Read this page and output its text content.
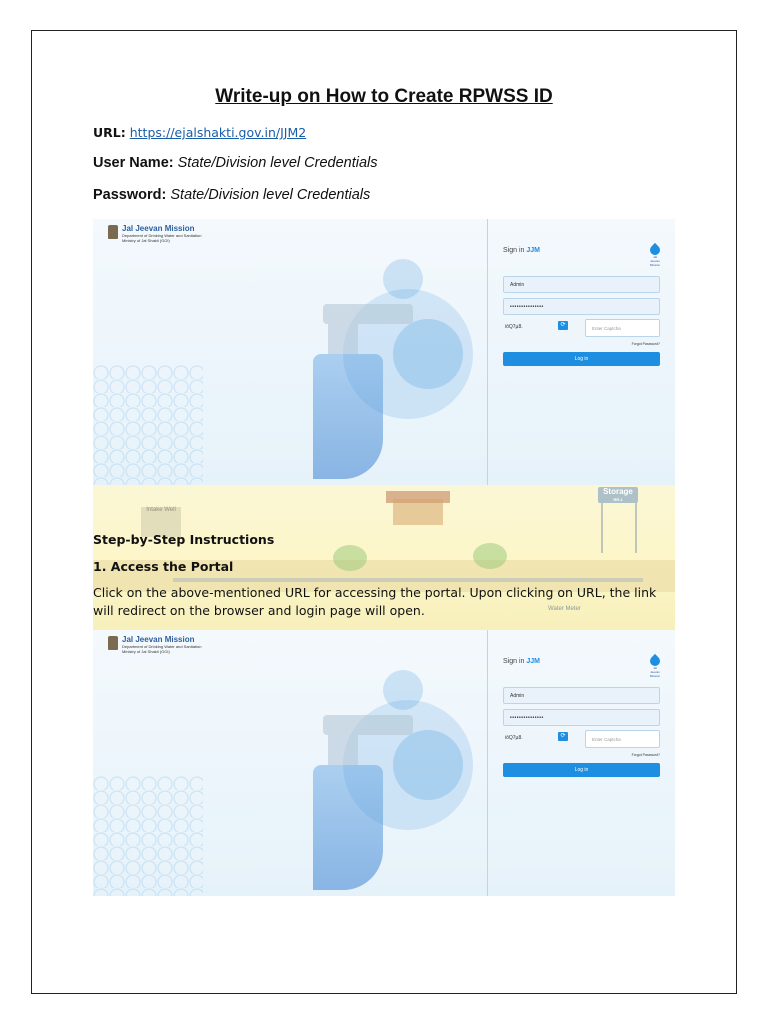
Write-up on How to Create RPWSS ID
URL: https://ejalshakti.gov.in/JJM2
User Name: State/Division level Credentials
Password: State/Division level Credentials
Jal Jeevan Mission
Department of Drinking Water and Sanitation
Ministry of Jal Shakti (GOI)
Sign in JJM
Jal Jeevan Mission
Admin
•••••••••••••••
iōQ7µ8.	⟳
Enter Captcha
Forgot Password?
Log in
Intake Well
Storage
RR-1
Water Meter
Step-by-Step Instructions
1. Access the Portal
Click on the above-mentioned URL for accessing the portal. Upon clicking on URL, the link will redirect on the browser and login page will open.
Jal Jeevan Mission
Department of Drinking Water and Sanitation
Ministry of Jal Shakti (GOI)
Sign in JJM
Jal Jeevan Mission
Admin
•••••••••••••••
iōQ7µ8.	⟳
Enter Captcha
Forgot Password?
Log in
